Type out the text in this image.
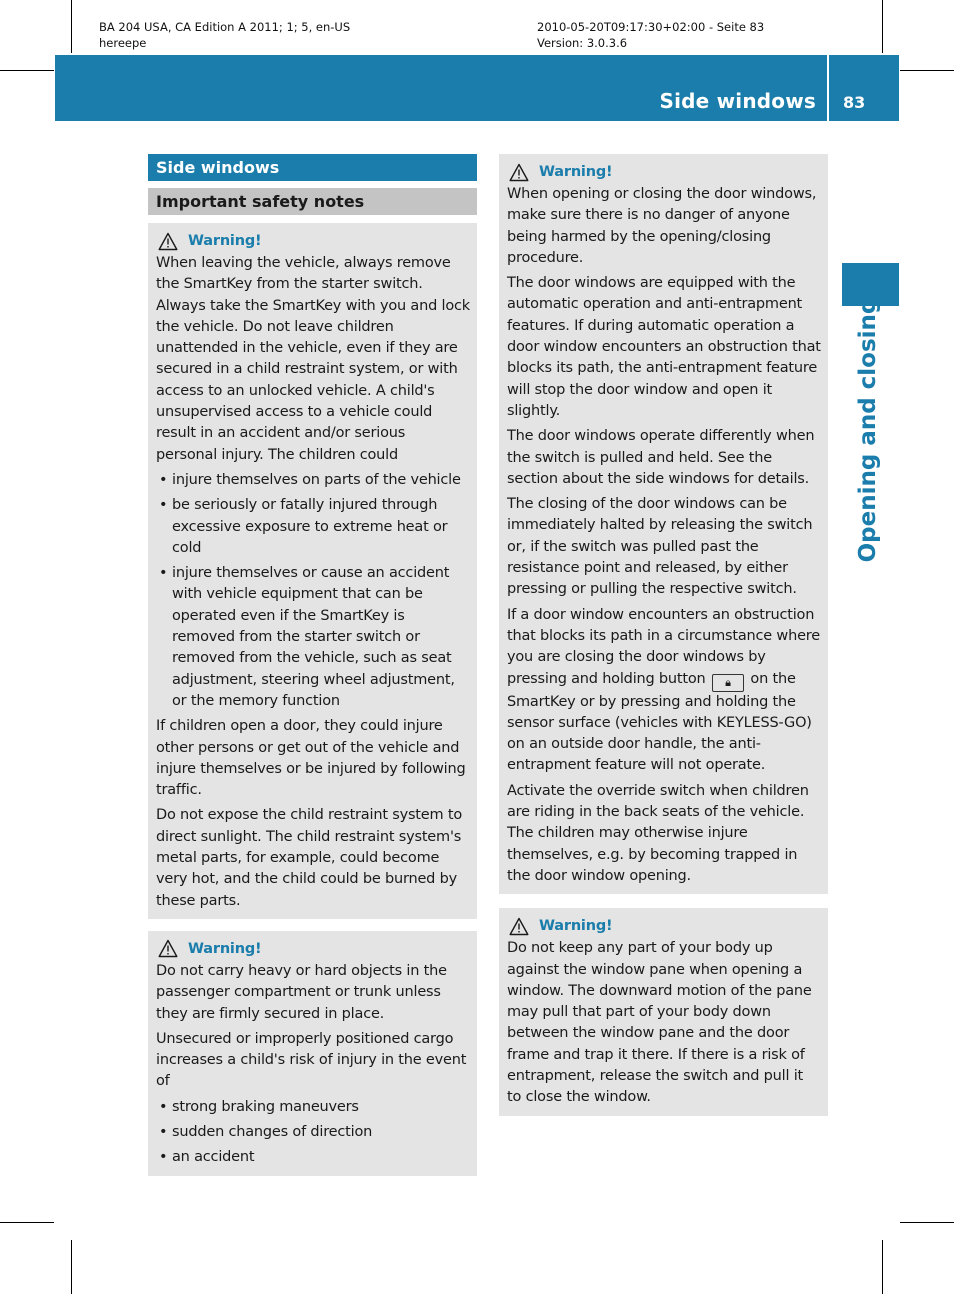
BA 204 USA, CA Edition A 2011; 1; 5, en-US
hereepe
2010-05-20T09:17:30+02:00 - Seite 83
Version: 3.0.3.6
Side windows 83
Opening and closing
Side windows
Important safety notes
Warning!

When leaving the vehicle, always remove the SmartKey from the starter switch. Always take the SmartKey with you and lock the vehicle. Do not leave children unattended in the vehicle, even if they are secured in a child restraint system, or with access to an unlocked vehicle. A child's unsupervised access to a vehicle could result in an accident and/or serious personal injury. The children could

• injure themselves on parts of the vehicle
• be seriously or fatally injured through excessive exposure to extreme heat or cold
• injure themselves or cause an accident with vehicle equipment that can be operated even if the SmartKey is removed from the starter switch or removed from the vehicle, such as seat adjustment, steering wheel adjustment, or the memory function

If children open a door, they could injure other persons or get out of the vehicle and injure themselves or be injured by following traffic.

Do not expose the child restraint system to direct sunlight. The child restraint system's metal parts, for example, could become very hot, and the child could be burned by these parts.

Warning!

Do not carry heavy or hard objects in the passenger compartment or trunk unless they are firmly secured in place.

Unsecured or improperly positioned cargo increases a child's risk of injury in the event of

• strong braking maneuvers
• sudden changes of direction
• an accident
Warning!

When opening or closing the door windows, make sure there is no danger of anyone being harmed by the opening/closing procedure.

The door windows are equipped with the automatic operation and anti-entrapment features. If during automatic operation a door window encounters an obstruction that blocks its path, the anti-entrapment feature will stop the door window and open it slightly.

The door windows operate differently when the switch is pulled and held. See the section about the side windows for details.

The closing of the door windows can be immediately halted by releasing the switch or, if the switch was pulled past the resistance point and released, by either pressing or pulling the respective switch.

If a door window encounters an obstruction that blocks its path in a circumstance where you are closing the door windows by pressing and holding button 🔒︎ on the SmartKey or by pressing and holding the sensor surface (vehicles with KEYLESS-GO) on an outside door handle, the anti-entrapment feature will not operate.

Activate the override switch when children are riding in the back seats of the vehicle. The children may otherwise injure themselves, e.g. by becoming trapped in the door window opening.

Warning!

Do not keep any part of your body up against the window pane when opening a window. The downward motion of the pane may pull that part of your body down between the window pane and the door frame and trap it there. If there is a risk of entrapment, release the switch and pull it to close the window.
